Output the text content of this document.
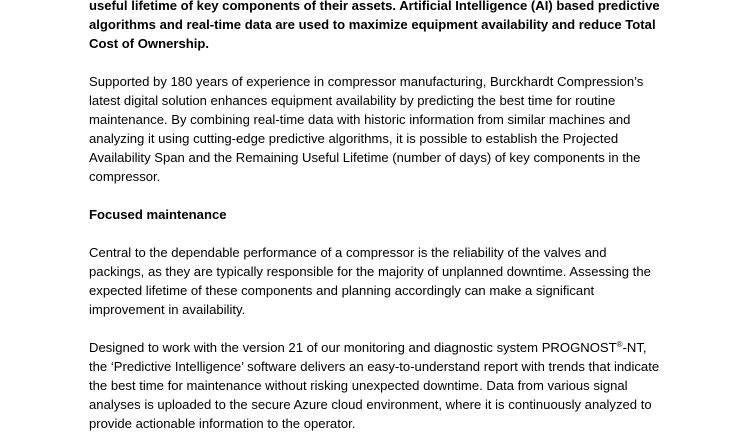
useful lifetime of key components of their assets. Artificial Intelligence (AI) based predictive
algorithms and real-time data are used to maximize equipment availability and reduce Total
Cost of Ownership.
Supported by 180 years of experience in compressor manufacturing, Burckhardt Compression’s
latest digital solution enhances equipment availability by predicting the best time for routine
maintenance. By combining real-time data with historic information from similar machines and
analyzing it using cutting-edge predictive algorithms, it is possible to establish the Projected
Availability Span and the Remaining Useful Lifetime (number of days) of key components in the
compressor.
Focused maintenance
Central to the dependable performance of a compressor is the reliability of the valves and
packings, as they are typically responsible for the majority of unplanned downtime. Assessing the
expected lifetime of these components and planning accordingly can make a significant
improvement in availability.
Designed to work with the version 21 of our monitoring and diagnostic system PROGNOST®-NT,
the ‘Predictive Intelligence’ software delivers an easy-to-understand report with trends that indicate
the best time for maintenance without risking unexpected downtime. Data from various signal
analyses is uploaded to the secure Azure cloud environment, where it is continuously analyzed to
provide actionable information to the operator.
